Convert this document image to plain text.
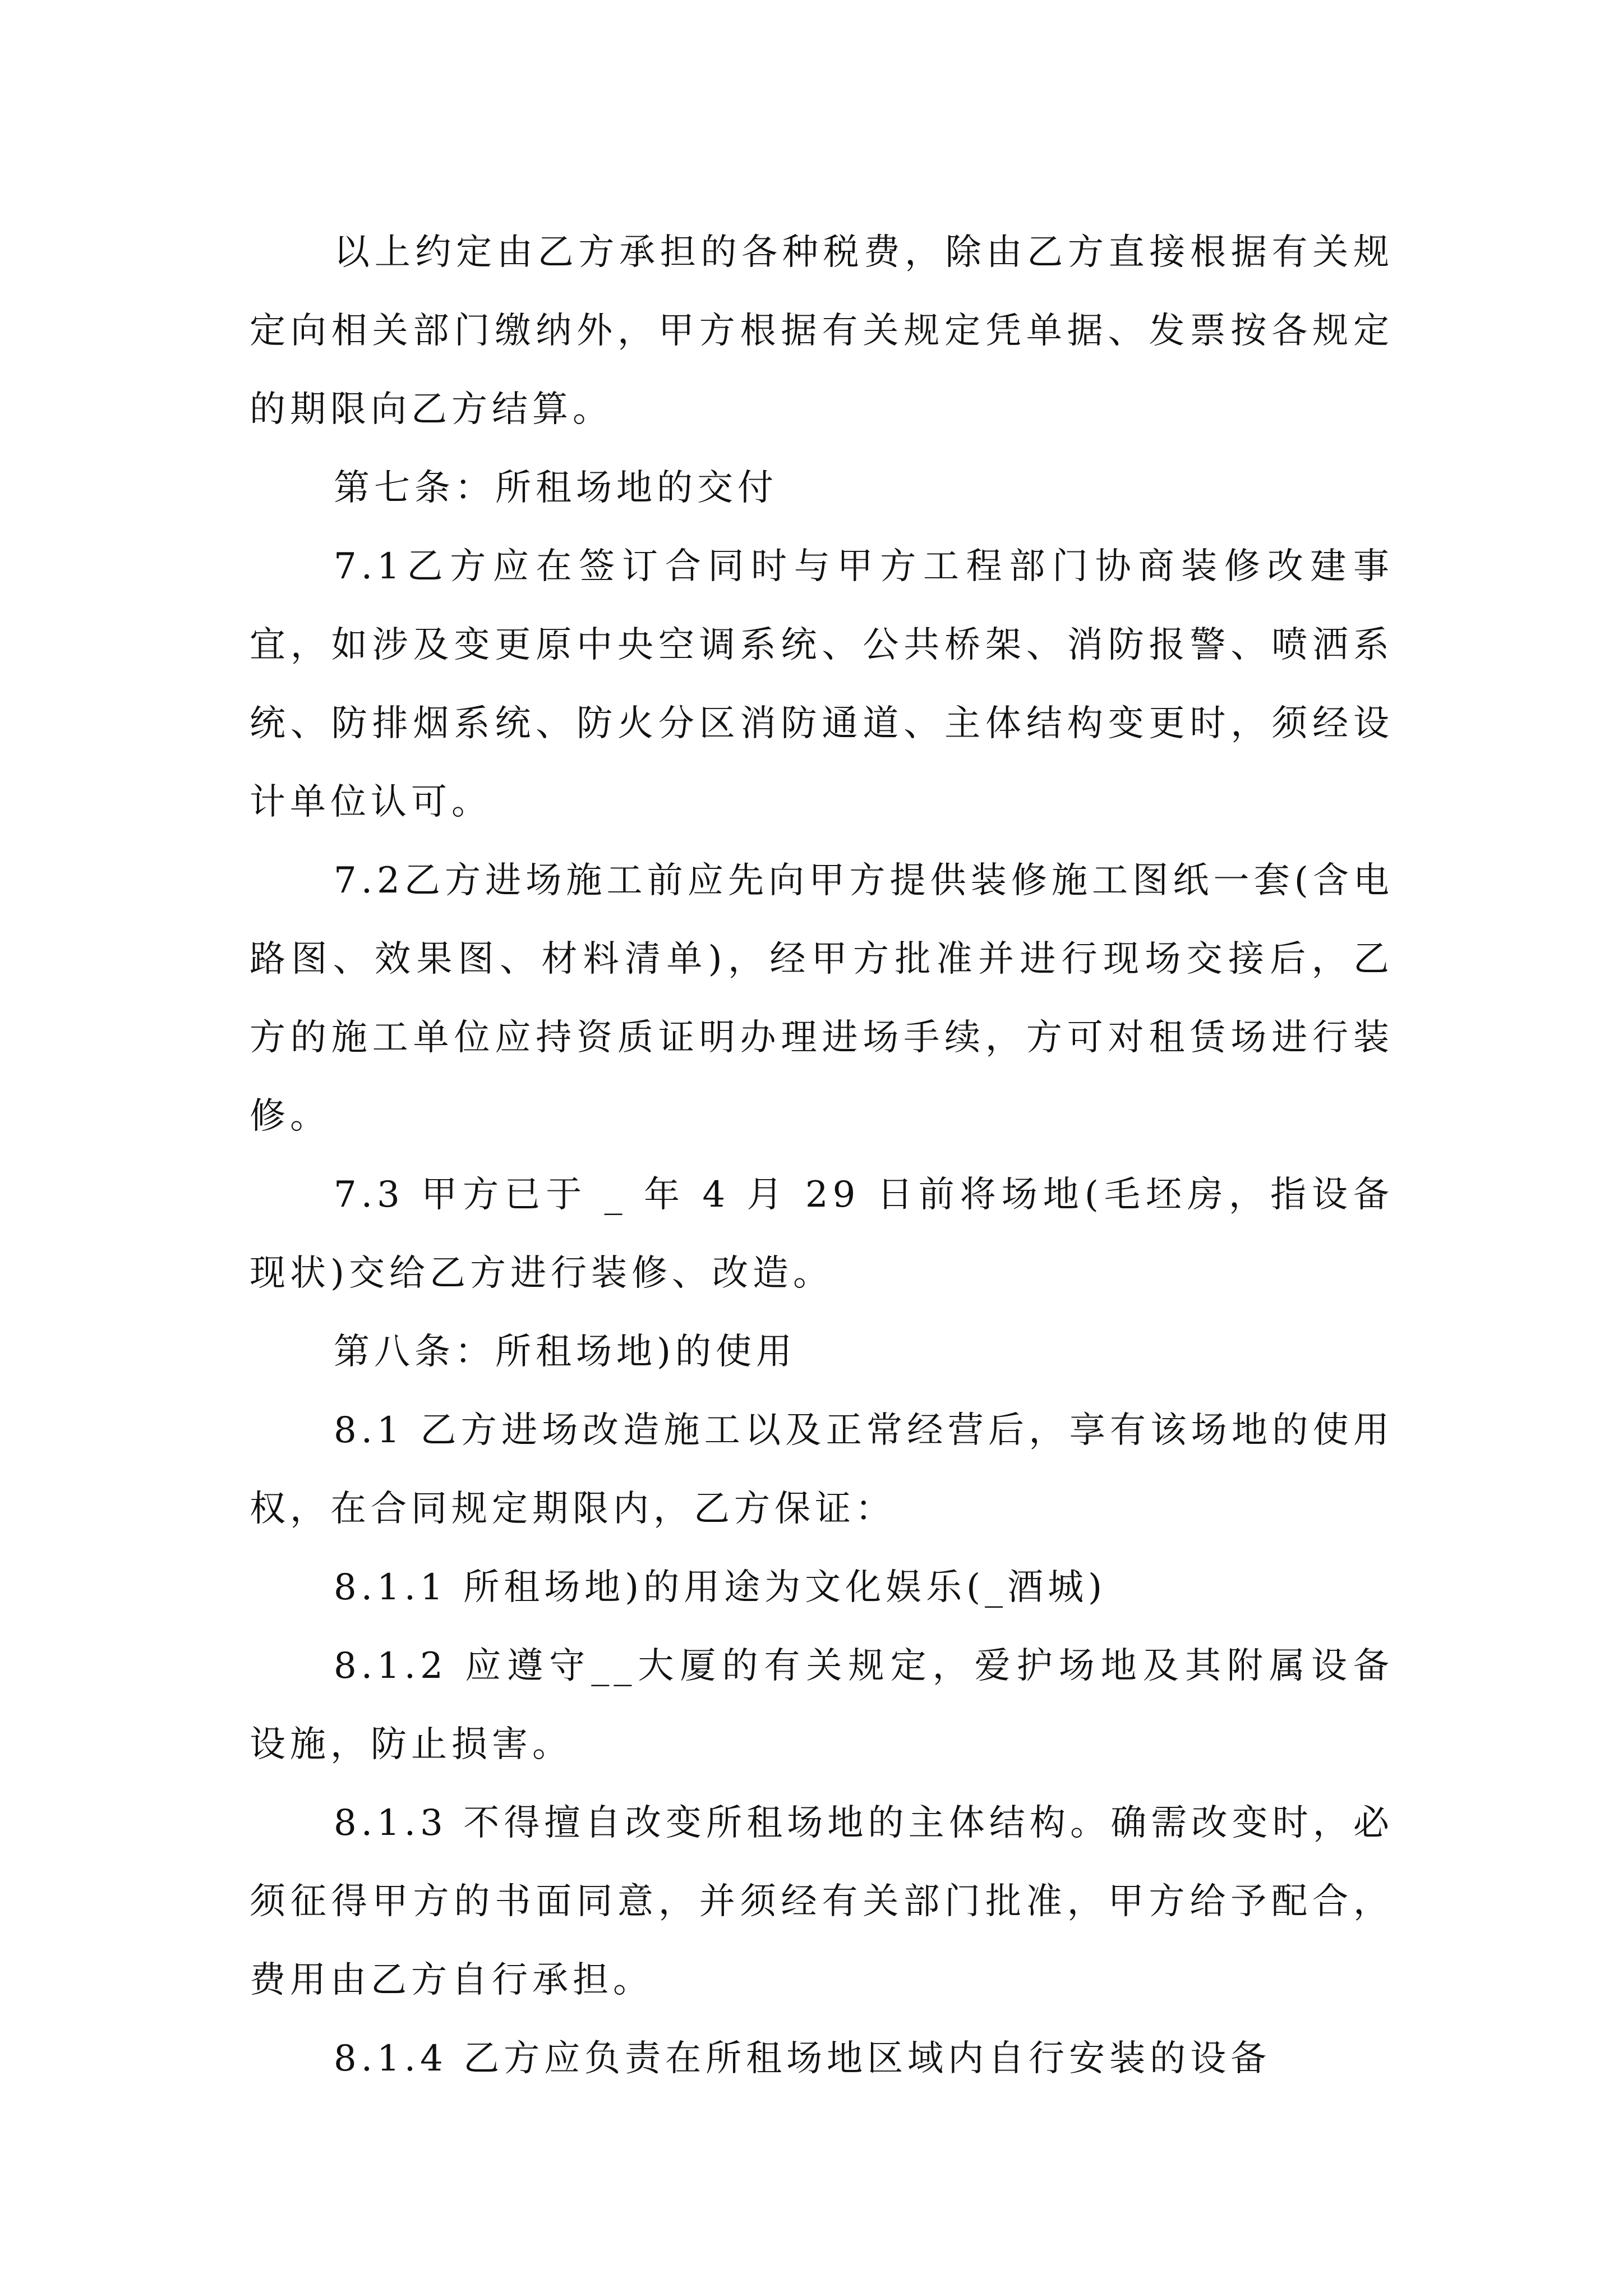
以上约定由乙方承担的各种税费，除由乙方直接根据有关规定向相关部门缴纳外，甲方根据有关规定凭单据、发票按各规定的期限向乙方结算。

第七条：所租场地的交付

7.1乙方应在签订合同时与甲方工程部门协商装修改建事宜，如涉及变更原中央空调系统、公共桥架、消防报警、喷洒系统、防排烟系统、防火分区消防通道、主体结构变更时，须经设计单位认可。

7.2乙方进场施工前应先向甲方提供装修施工图纸一套(含电路图、效果图、材料清单)，经甲方批准并进行现场交接后，乙方的施工单位应持资质证明办理进场手续，方可对租赁场进行装修。

7.3 甲方已于 _ 年 4 月 29 日前将场地(毛坯房，指设备现状)交给乙方进行装修、改造。

第八条：所租场地)的使用

8.1 乙方进场改造施工以及正常经营后，享有该场地的使用权，在合同规定期限内，乙方保证：

8.1.1 所租场地)的用途为文化娱乐(_酒城)

8.1.2 应遵守__大厦的有关规定，爱护场地及其附属设备设施，防止损害。

8.1.3 不得擅自改变所租场地的主体结构。确需改变时，必须征得甲方的书面同意，并须经有关部门批准，甲方给予配合，费用由乙方自行承担。

8.1.4 乙方应负责在所租场地区域内自行安装的设备
